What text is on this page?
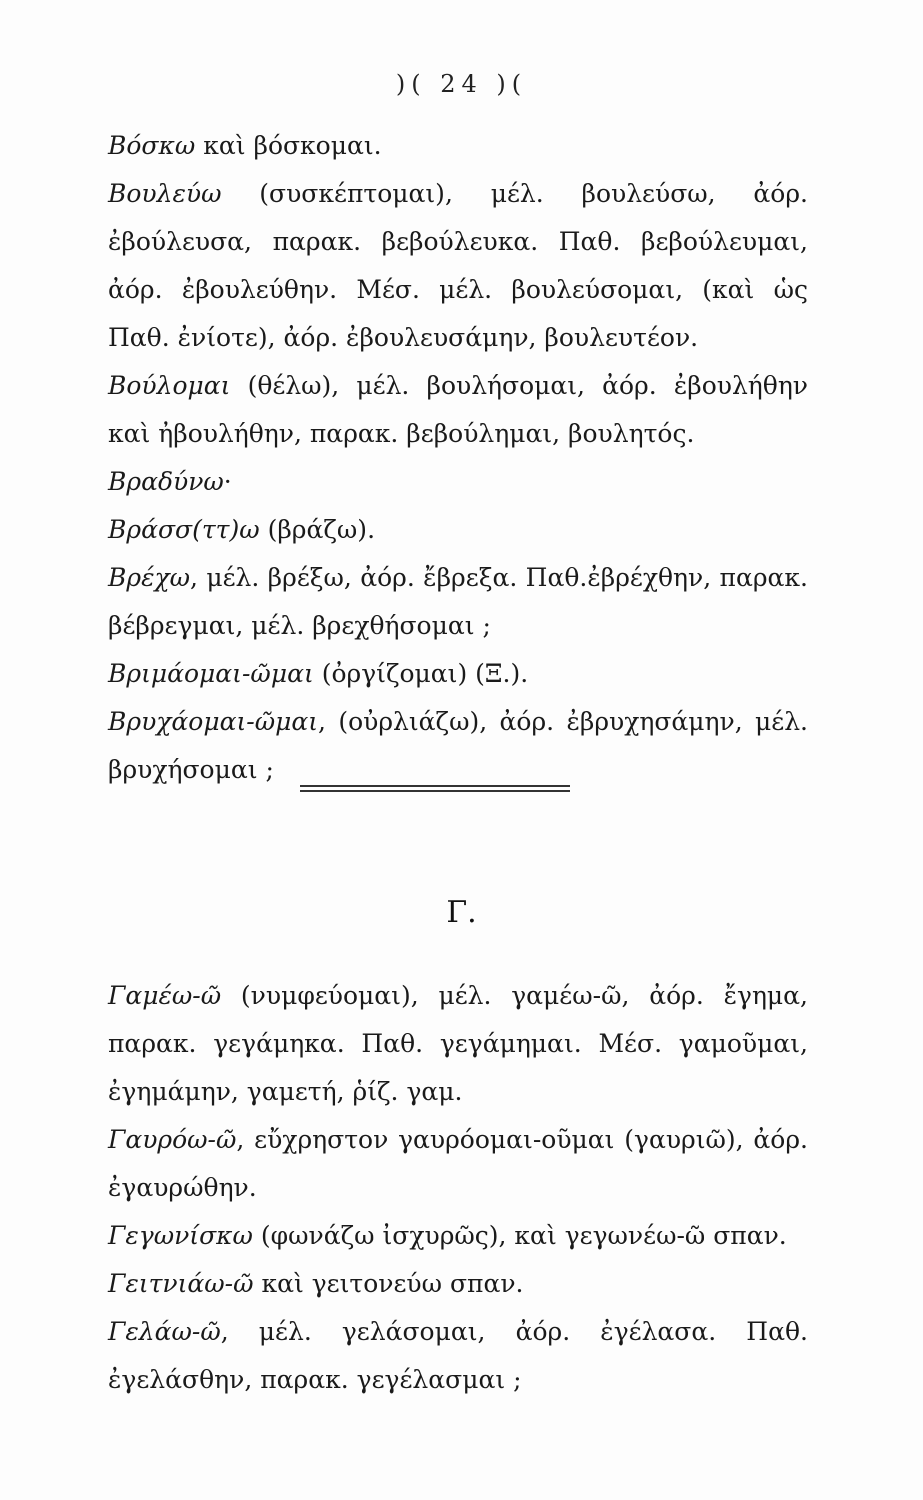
)( 24 )(

Βόσκω καὶ βόσκομαι.

Βουλεύω (συσκέπτομαι), μέλ. βουλεύσω, ἀόρ. ἐβούλευσα, παρακ. βεβούλευκα. Παθ. βεβούλευμαι, ἀόρ. ἐβουλεύθην. Μέσ. μέλ. βουλεύσομαι, (καὶ ὡς Παθ. ἐνίοτε), ἀόρ. ἐβουλευσάμην, βουλευτέον.

Βούλομαι (θέλω), μέλ. βουλήσομαι, ἀόρ. ἐβουλήθην καὶ ἠβουλήθην, παρακ. βεβούλημαι, βουλητός.

Βραδύνω·

Βράσσ(ττ)ω (βράζω).

Βρέχω, μέλ. βρέξω, ἀόρ. ἔβρεξα. Παθ.ἐβρέχθην, παρακ. βέβρεγμαι, μέλ. βρεχθήσομαι ;

Βριμάομαι-ῶμαι (ὀργίζομαι) (Ξ.).

Βρυχάομαι-ῶμαι, (οὐρλιάζω), ἀόρ. ἐβρυχησάμην, μέλ. βρυχήσομαι ;

Γ.

Γαμέω-ῶ (νυμφεύομαι), μέλ. γαμέω-ῶ, ἀόρ. ἔγημα, παρακ. γεγάμηκα. Παθ. γεγάμημαι. Μέσ. γαμοῦμαι, ἐγημάμην, γαμετή, ῥίζ. γαμ.

Γαυρόω-ῶ, εὔχρηστον γαυρόομαι-οῦμαι (γαυριῶ), ἀόρ. ἐγαυρώθην.

Γεγωνίσκω (φωνάζω ἰσχυρῶς), καὶ γεγωνέω-ῶ σπαν.

Γειτνιάω-ῶ καὶ γειτονεύω σπαν.

Γελάω-ῶ, μέλ. γελάσομαι, ἀόρ. ἐγέλασα. Παθ. ἐγελάσθην, παρακ. γεγέλασμαι ;
